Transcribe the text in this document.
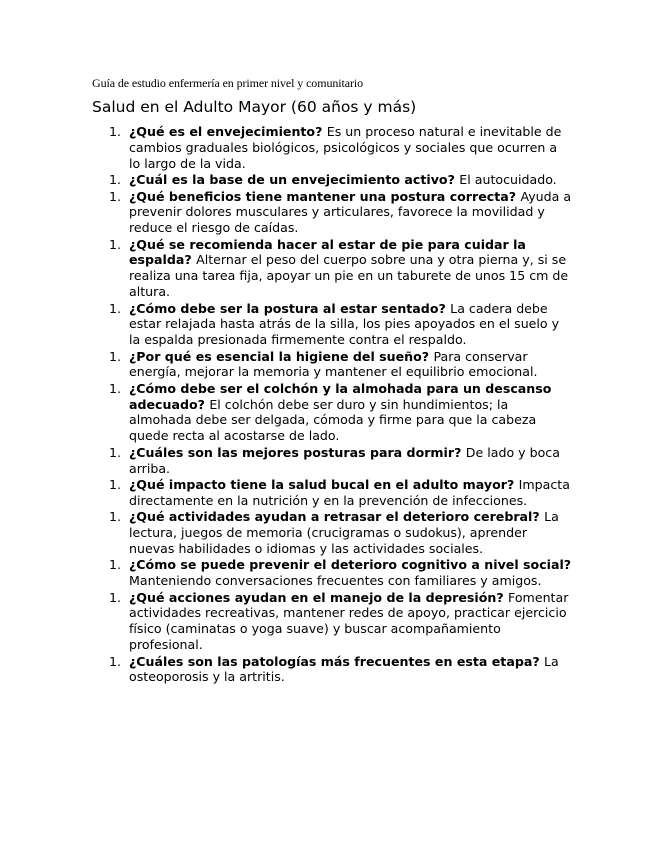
Guía de estudio enfermería en primer nivel y comunitario
Salud en el Adulto Mayor (60 años y más)
1. ¿Qué es el envejecimiento? Es un proceso natural e inevitable de cambios graduales biológicos, psicológicos y sociales que ocurren a lo largo de la vida.
1. ¿Cuál es la base de un envejecimiento activo? El autocuidado.
1. ¿Qué beneficios tiene mantener una postura correcta? Ayuda a prevenir dolores musculares y articulares, favorece la movilidad y reduce el riesgo de caídas.
1. ¿Qué se recomienda hacer al estar de pie para cuidar la espalda? Alternar el peso del cuerpo sobre una y otra pierna y, si se realiza una tarea fija, apoyar un pie en un taburete de unos 15 cm de altura.
1. ¿Cómo debe ser la postura al estar sentado? La cadera debe estar relajada hasta atrás de la silla, los pies apoyados en el suelo y la espalda presionada firmemente contra el respaldo.
1. ¿Por qué es esencial la higiene del sueño? Para conservar energía, mejorar la memoria y mantener el equilibrio emocional.
1. ¿Cómo debe ser el colchón y la almohada para un descanso adecuado? El colchón debe ser duro y sin hundimientos; la almohada debe ser delgada, cómoda y firme para que la cabeza quede recta al acostarse de lado.
1. ¿Cuáles son las mejores posturas para dormir? De lado y boca arriba.
1. ¿Qué impacto tiene la salud bucal en el adulto mayor? Impacta directamente en la nutrición y en la prevención de infecciones.
1. ¿Qué actividades ayudan a retrasar el deterioro cerebral? La lectura, juegos de memoria (crucigramas o sudokus), aprender nuevas habilidades o idiomas y las actividades sociales.
1. ¿Cómo se puede prevenir el deterioro cognitivo a nivel social? Manteniendo conversaciones frecuentes con familiares y amigos.
1. ¿Qué acciones ayudan en el manejo de la depresión? Fomentar actividades recreativas, mantener redes de apoyo, practicar ejercicio físico (caminatas o yoga suave) y buscar acompañamiento profesional.
1. ¿Cuáles son las patologías más frecuentes en esta etapa? La osteoporosis y la artritis.
